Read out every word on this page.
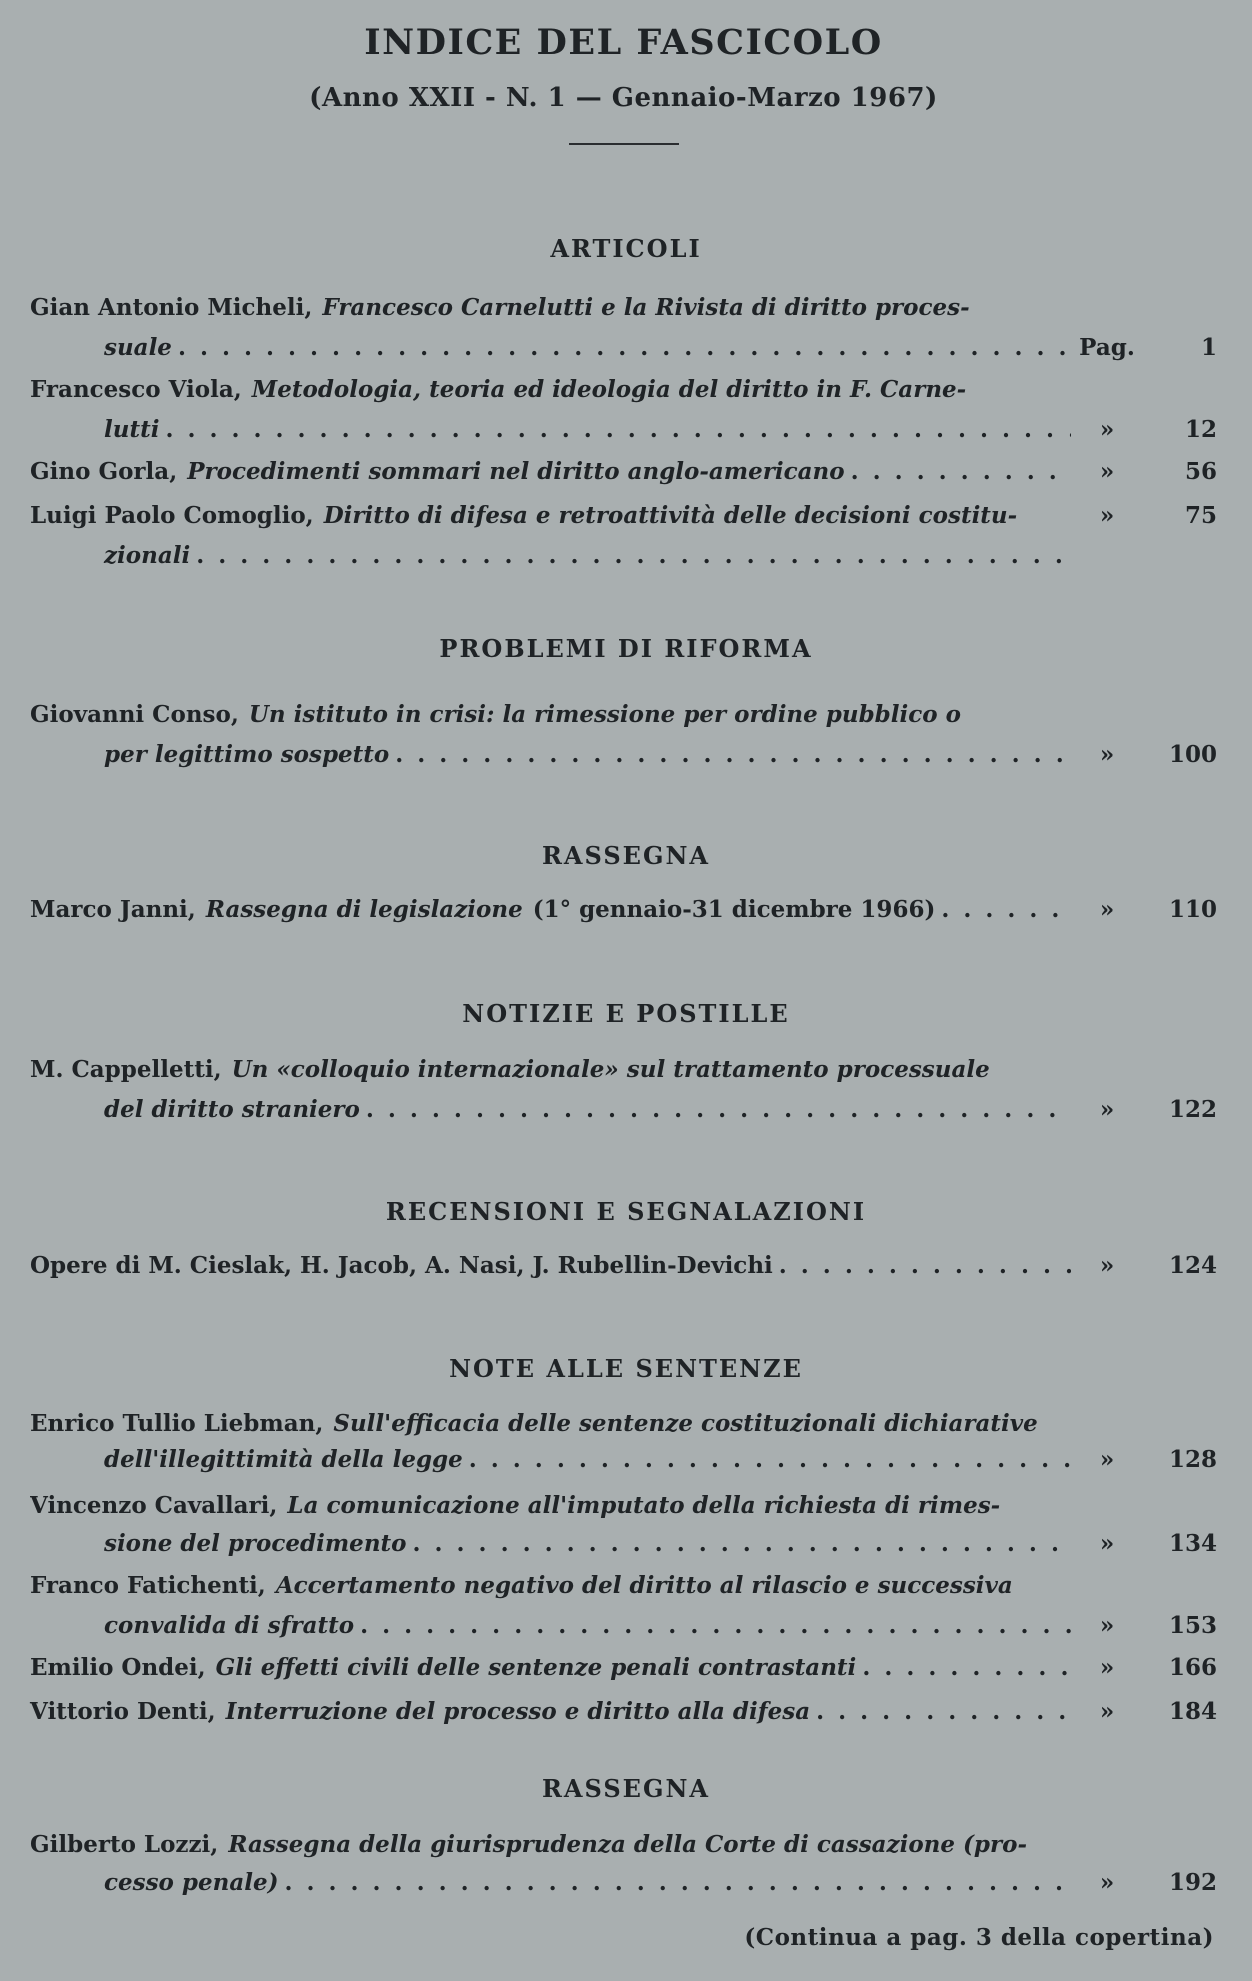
INDICE DEL FASCICOLO
(Anno XXII - N. 1 — Gennaio-Marzo 1967)
(Continua a pag. 3 della copertina)
ARTICOLI
Gian Antonio Micheli, Francesco Carnelutti e la Rivista di diritto proces-
suale . . .	Pag.	1
Francesco Viola, Metodologia, teoria ed ideologia del diritto in F. Carne-
lutti . . .	»	12
Gino Gorla, Procedimenti sommari nel diritto anglo-americano . . .	»	56
Luigi Paolo Comoglio, Diritto di difesa e retroattività delle decisioni costitu-	»	75
zionali
. . .
PROBLEMI DI RIFORMA
Giovanni Conso, Un istituto in crisi: la rimessione per ordine pubblico o
per legittimo sospetto . . .	»	100
RASSEGNA
Marco Janni, Rassegna di legislazione (1° gennaio-31 dicembre 1966) . . .	»	110
NOTIZIE E POSTILLE
M. Cappelletti, Un «colloquio internazionale» sul trattamento processuale
del diritto straniero . . .	»	122
RECENSIONI E SEGNALAZIONI
Opere di M. Cieslak, H. Jacob, A. Nasi, J. Rubellin-Devichi . . .	»	124
NOTE ALLE SENTENZE
Enrico Tullio Liebman, Sull'efficacia delle sentenze costituzionali dichiarative
dell'illegittimità della legge . . .	»	128
Vincenzo Cavallari, La comunicazione all'imputato della richiesta di rimes-
sione del procedimento . . .	»	134
Franco Fatichenti, Accertamento negativo del diritto al rilascio e successiva
convalida di sfratto . . .	»	153
Emilio Ondei, Gli effetti civili delle sentenze penali contrastanti . . .	»	166
Vittorio Denti, Interruzione del processo e diritto alla difesa . . .	»	184
RASSEGNA
Gilberto Lozzi, Rassegna della giurisprudenza della Corte di cassazione (pro-
cesso penale) . . .	»	192
